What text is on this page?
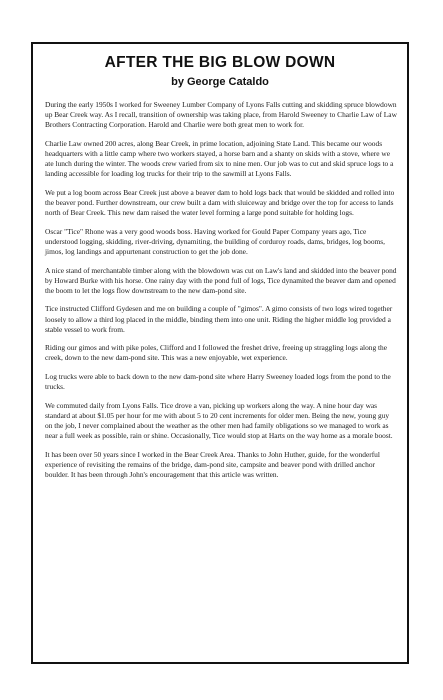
AFTER THE BIG BLOW DOWN
by George Cataldo

During the early 1950s I worked for Sweeney Lumber Company of Lyons Falls cutting and skidding spruce blowdown up Bear Creek way. As I recall, transition of ownership was taking place, from Harold Sweeney to Charlie Law of Law Brothers Contracting Corporation. Harold and Charlie were both great men to work for.

Charlie Law owned 200 acres, along Bear Creek, in prime location, adjoining State Land. This became our woods headquarters with a little camp where two workers stayed, a horse barn and a shanty on skids with a stove, where we ate lunch during the winter. The woods crew varied from six to nine men. Our job was to cut and skid spruce logs to a landing accessible for loading log trucks for their trip to the sawmill at Lyons Falls.

We put a log boom across Bear Creek just above a beaver dam to hold logs back that would be skidded and rolled into the beaver pond. Further downstream, our crew built a dam with sluiceway and bridge over the top for access to lands north of Bear Creek. This new dam raised the water level forming a large pond suitable for holding logs.

Oscar "Tice" Rhone was a very good woods boss. Having worked for Gould Paper Company years ago, Tice understood logging, skidding, river-driving, dynamiting, the building of corduroy roads, dams, bridges, log booms, jimos, log landings and appurtenant construction to get the job done.

A nice stand of merchantable timber along with the blowdown was cut on Law's land and skidded into the beaver pond by Howard Burke with his horse. One rainy day with the pond full of logs, Tice dynamited the beaver dam and opened the boom to let the logs flow downstream to the new dam-pond site.

Tice instructed Clifford Gydesen and me on building a couple of "gimos". A gimo consists of two logs wired together loosely to allow a third log placed in the middle, binding them into one unit. Riding the higher middle log provided a stable vessel to work from.

Riding our gimos and with pike poles, Clifford and I followed the freshet drive, freeing up straggling logs along the creek, down to the new dam-pond site. This was a new enjoyable, wet experience.

Log trucks were able to back down to the new dam-pond site where Harry Sweeney loaded logs from the pond to the trucks.

We commuted daily from Lyons Falls. Tice drove a van, picking up workers along the way. A nine hour day was standard at about $1.05 per hour for me with about 5 to 20 cent increments for older men. Being the new, young guy on the job, I never complained about the weather as the other men had family obligations so we managed to work as near a full week as possible, rain or shine. Occasionally, Tice would stop at Harts on the way home as a morale boost.

It has been over 50 years since I worked in the Bear Creek Area. Thanks to John Huther, guide, for the wonderful experience of revisiting the remains of the bridge, dam-pond site, campsite and beaver pond with drilled anchor boulder. It has been through John's encouragement that this article was written.
